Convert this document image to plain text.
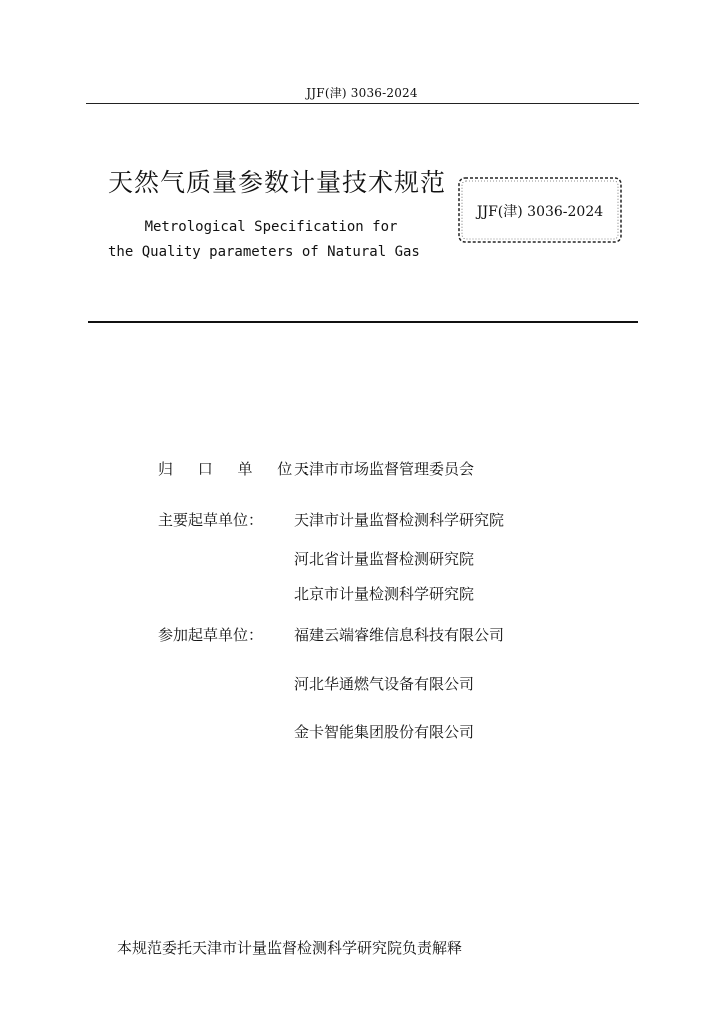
JJF(津) 3036-2024
天然气质量参数计量技术规范
Metrological Specification for
the Quality parameters of Natural Gas
JJF(津) 3036-2024
归 口 单 位：
天津市市场监督管理委员会
主要起草单位： 天津市计量监督检测科学研究院
河北省计量监督检测研究院
北京市计量检测科学研究院
参加起草单位： 福建云端睿维信息科技有限公司
河北华通燃气设备有限公司
金卡智能集团股份有限公司
本规范委托天津市计量监督检测科学研究院负责解释
